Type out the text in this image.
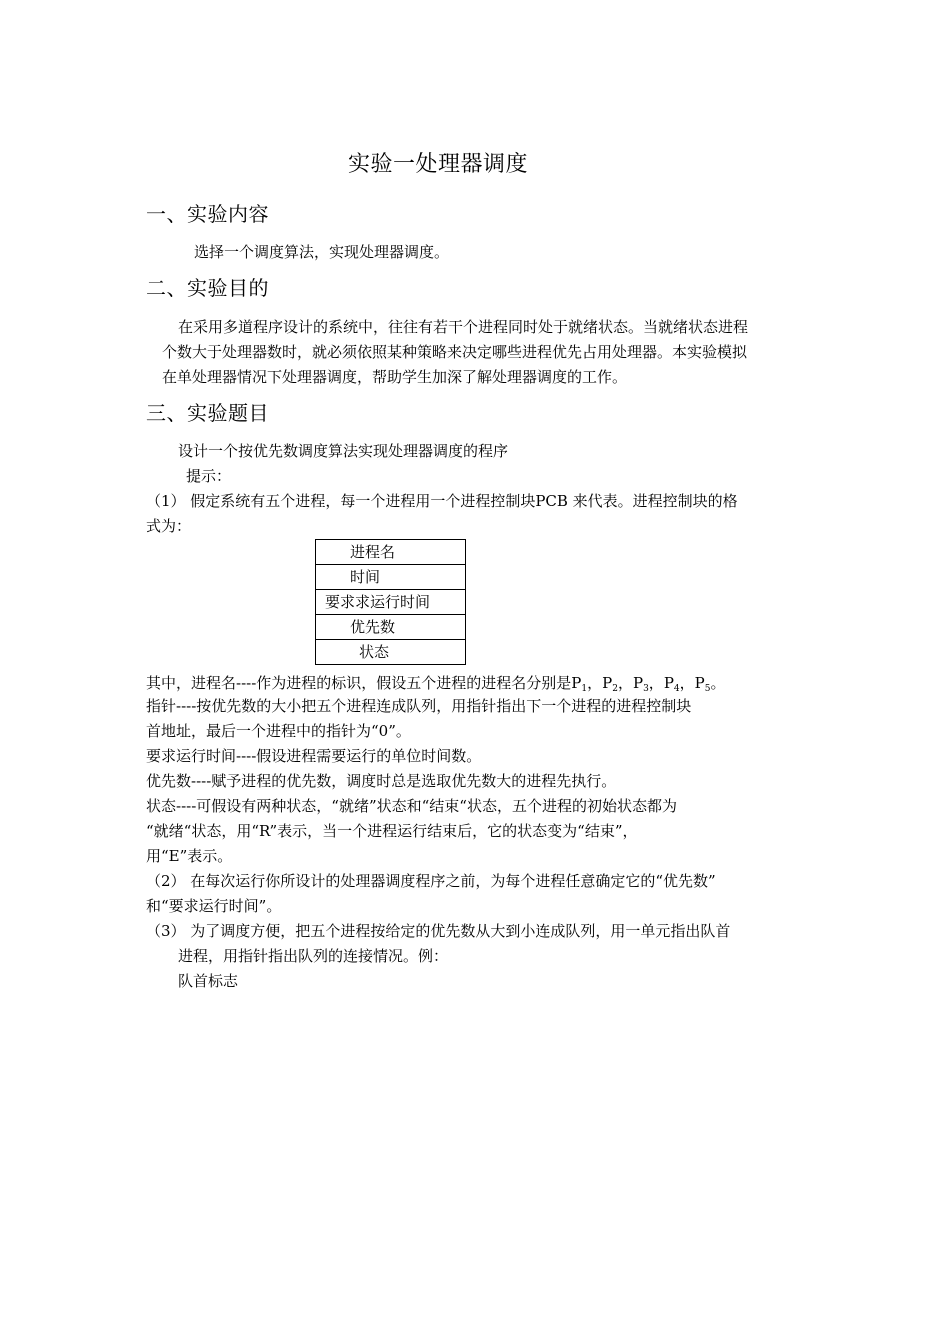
实验一处理器调度
一、实验内容
选择一个调度算法，实现处理器调度。
二、实验目的
在采用多道程序设计的系统中，往往有若干个进程同时处于就绪状态。当就绪状态进程
个数大于处理器数时，就必须依照某种策略来决定哪些进程优先占用处理器。本实验模拟
在单处理器情况下处理器调度，帮助学生加深了解处理器调度的工作。
三、实验题目
设计一个按优先数调度算法实现处理器调度的程序
提示：
（1） 假定系统有五个进程，每一个进程用一个进程控制块PCB 来代表。进程控制块的格
式为：
进程名
时间
要求求运行时间
优先数
状态
其中，进程名----作为进程的标识，假设五个进程的进程名分别是$P_1$，$P_2$，$P_3$，$P_4$，$P_5$。
指针----按优先数的大小把五个进程连成队列，用指针指出下一个进程的进程控制块
首地址，最后一个进程中的指针为“0”。
要求运行时间----假设进程需要运行的单位时间数。
优先数----赋予进程的优先数，调度时总是选取优先数大的进程先执行。
状态----可假设有两种状态，“就绪”状态和“结束“状态，五个进程的初始状态都为
“就绪“状态，用“R”表示，当一个进程运行结束后，它的状态变为“结束”，
用“E”表示。
（2） 在每次运行你所设计的处理器调度程序之前，为每个进程任意确定它的“优先数”
和“要求运行时间”。
（3） 为了调度方便，把五个进程按给定的优先数从大到小连成队列，用一单元指出队首
进程，用指针指出队列的连接情况。例：
队首标志
